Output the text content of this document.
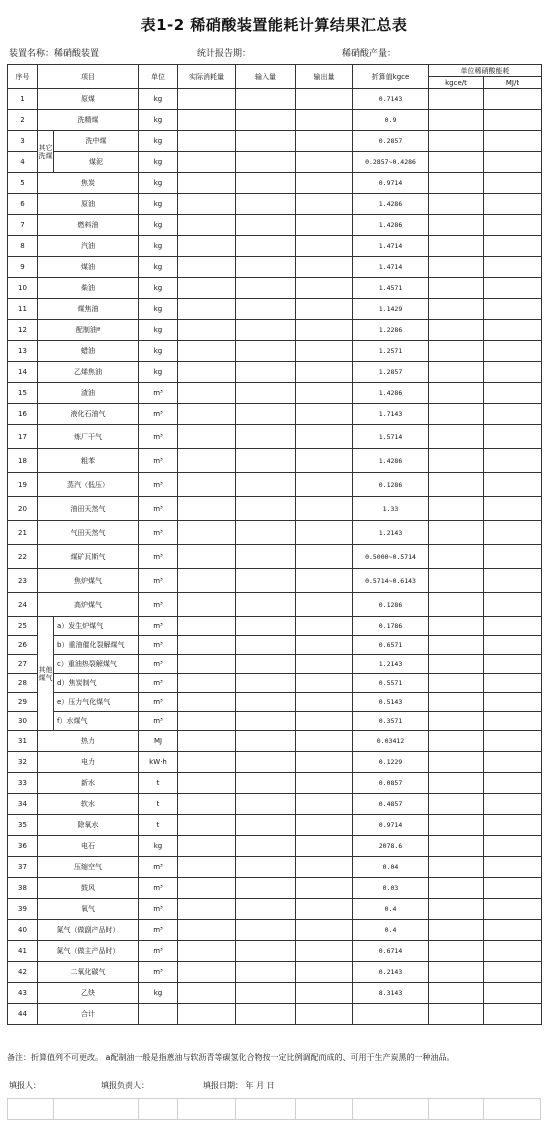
表1-2 稀硝酸装置能耗计算结果汇总表
装置名称：稀硝酸装置	统计报告期：	稀硝酸产量：
序号	项目		单位	实际消耗量	输入量	输出量	折算值kgce	单位稀硝酸能耗	
								kgce/t	MJ/t
1	原煤		kg				0.7143		
2	洗精煤		kg				0.9		
3	其它洗煤	洗中煤	kg				0.2857		
4		煤泥	kg				0.2857~0.4286		
5	焦炭		kg				0.9714		
6	原油		kg				1.4286		
7	燃料油		kg				1.4286		
8	汽油		kg				1.4714		
9	煤油		kg				1.4714		
10	柴油		kg				1.4571		
11	煤焦油		kg				1.1429		
12	配制油ª		kg				1.2286		
13	蜡油		kg				1.2571		
14	乙烯焦油		kg				1.2857		
15	渣油		m³				1.4286		
16	液化石油气		m³				1.7143		
17	炼厂干气		m³				1.5714		
18	粗苯		m³				1.4286		
19	蒸汽（低压）		m³				0.1286		
20	油田天然气		m³				1.33		
21	气田天然气		m³				1.2143		
22	煤矿瓦斯气		m³				0.5000~0.5714		
23	焦炉煤气		m³				0.5714~0.6143		
24	高炉煤气		m³				0.1286		
25	其他煤气	a）发生炉煤气	m³				0.1786		
26		b）重油催化裂解煤气	m³				0.6571		
27		c）重油热裂解煤气	m³				1.2143		
28		d）焦炭制气	m³				0.5571		
29		e）压力气化煤气	m³				0.5143		
30		f）水煤气	m³				0.3571		
31	热力		MJ				0.03412		
32	电力		kW·h				0.1229		
33	新水		t				0.0857		
34	软水		t				0.4857		
35	除氧水		t				0.9714		
36	电石		kg				2078.6		
37	压缩空气		m³				0.04		
38	鼓风		m³				0.03		
39	氧气		m³				0.4		
40	氮气（做副产品时）		m³				0.4		
41	氮气（做主产品时）		m³				0.6714		
42	二氧化碳气		m³				0.2143		
43	乙炔		kg				8.3143		
44	合计								
备注：折算值列不可更改。 a配制油一般是指蒽油与软沥青等碳氢化合物按一定比例调配而成的、可用于生产炭黑的一种油品。
填报人：	填报负责人：	填报日期： 年 月 日
